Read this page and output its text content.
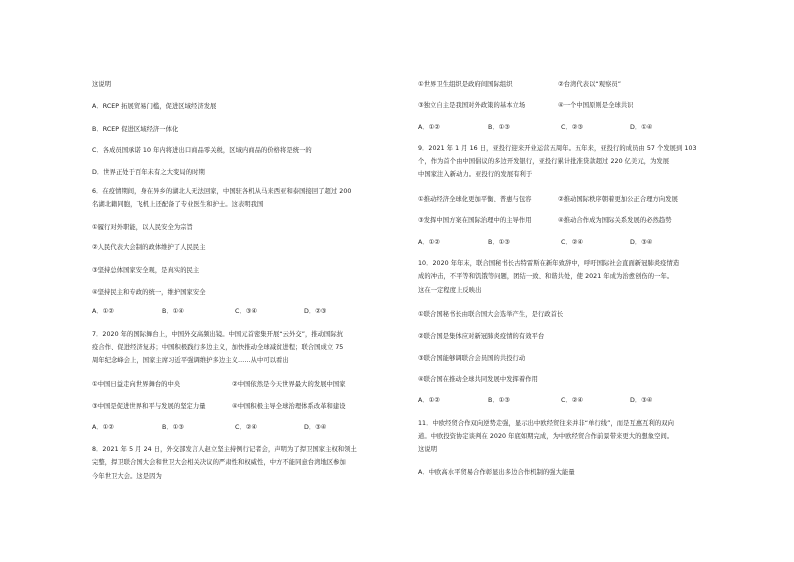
这说明
A．RCEP 拓展贸易门槛，促进区域经济发展
B．RCEP 促进区域经济一体化
C．各成员国承诺 10 年内将进出口商品零关税，区域内商品的价格将是统一的
D．世界正处于百年未有之大变局的时期
6．在疫情期间，身在异乡的湖北人无法回家，中国驻各机从马来西亚和泰国接回了超过 200
名湖北籍同胞，飞机上还配备了专业医生和护士。这表明我国
①履行对外职能，以人民安全为宗旨
②人民代表大会制的政体维护了人民民主
③坚持总体国家安全观，是真实的民主
④坚持民主和专政的统一，维护国家安全
A．①②	B．①④	C．③④	D．②③
7．2020 年的国际舞台上，中国外交高频出镜。中国元首密集开展“云外交”，推动国际抗
疫合作、促进经济复苏；中国积极践行多边主义，加快推动全球减贫进程；联合国成立 75
周年纪念峰会上，国家主席习近平强调维护多边主义……从中可以看出
①中国日益走向世界舞台的中央	②中国依然是今天世界最大的发展中国家
③中国是促进世界和平与发展的坚定力量	④中国积极主导全球治理体系改革和建设
A．①②	B．①③	C．②④	D．③④
8．2021 年 5 月 24 日，外交部发言人赵立坚主持例行记者会，声明为了捍卫国家主权和领土
完整，捍卫联合国大会和世卫大会相关决议的严肃性和权威性，中方不能同意台湾地区参加
今年世卫大会。这是因为
①世界卫生组织是政府间国际组织	②台湾代表以“观察员”
③独立自主是我国对外政策的基本立场	④一个中国原则是全球共识
A．①②	B．①③	C．②③	D．①④
9．2021 年 1 月 16 日，亚投行迎来开业运营五周年。五年来，亚投行的成员由 57 个发展到 103
个，作为首个由中国倡议的多边开发银行，亚投行累计批准贷款超过 220 亿美元，为发展
中国家注入新动力。亚投行的发展有利于
①推动经济全球化更加平衡、普惠与包容	②推动国际秩序朝着更加公正合理方向发展
③发挥中国方案在国际治理中的主导作用	④推动合作成为国际关系发展的必然趋势
A．①②	B．①③	C．②④	D．③④
10．2020 年年末，联合国秘书长古特雷斯在新年致辞中，呼吁国际社会直面新冠肺炎疫情造
成的冲击，不平等和饥饿等问题，团结一致、和谐共处，使 2021 年成为治愈创伤的一年。
这在一定程度上反映出
①联合国秘书长由联合国大会选举产生，是行政首长
②联合国是集体应对新冠肺炎疫情的有效平台
③联合国能够调联合会员国的共投行动
④联合国在推动全球共同发展中发挥着作用
A．①②	B．①③	C．②④	D．③④
11．中欧经贸合作双向逆势走强，显示出中欧经贸往来并非“单行线”，而是互惠互利的双向
道。中欧投资协定谈判在 2020 年底如期完成，为中欧经贸合作前景带来更大的想象空间。
这说明
A．中欧高水平贸易合作彰显出多边合作机制的强大能量
